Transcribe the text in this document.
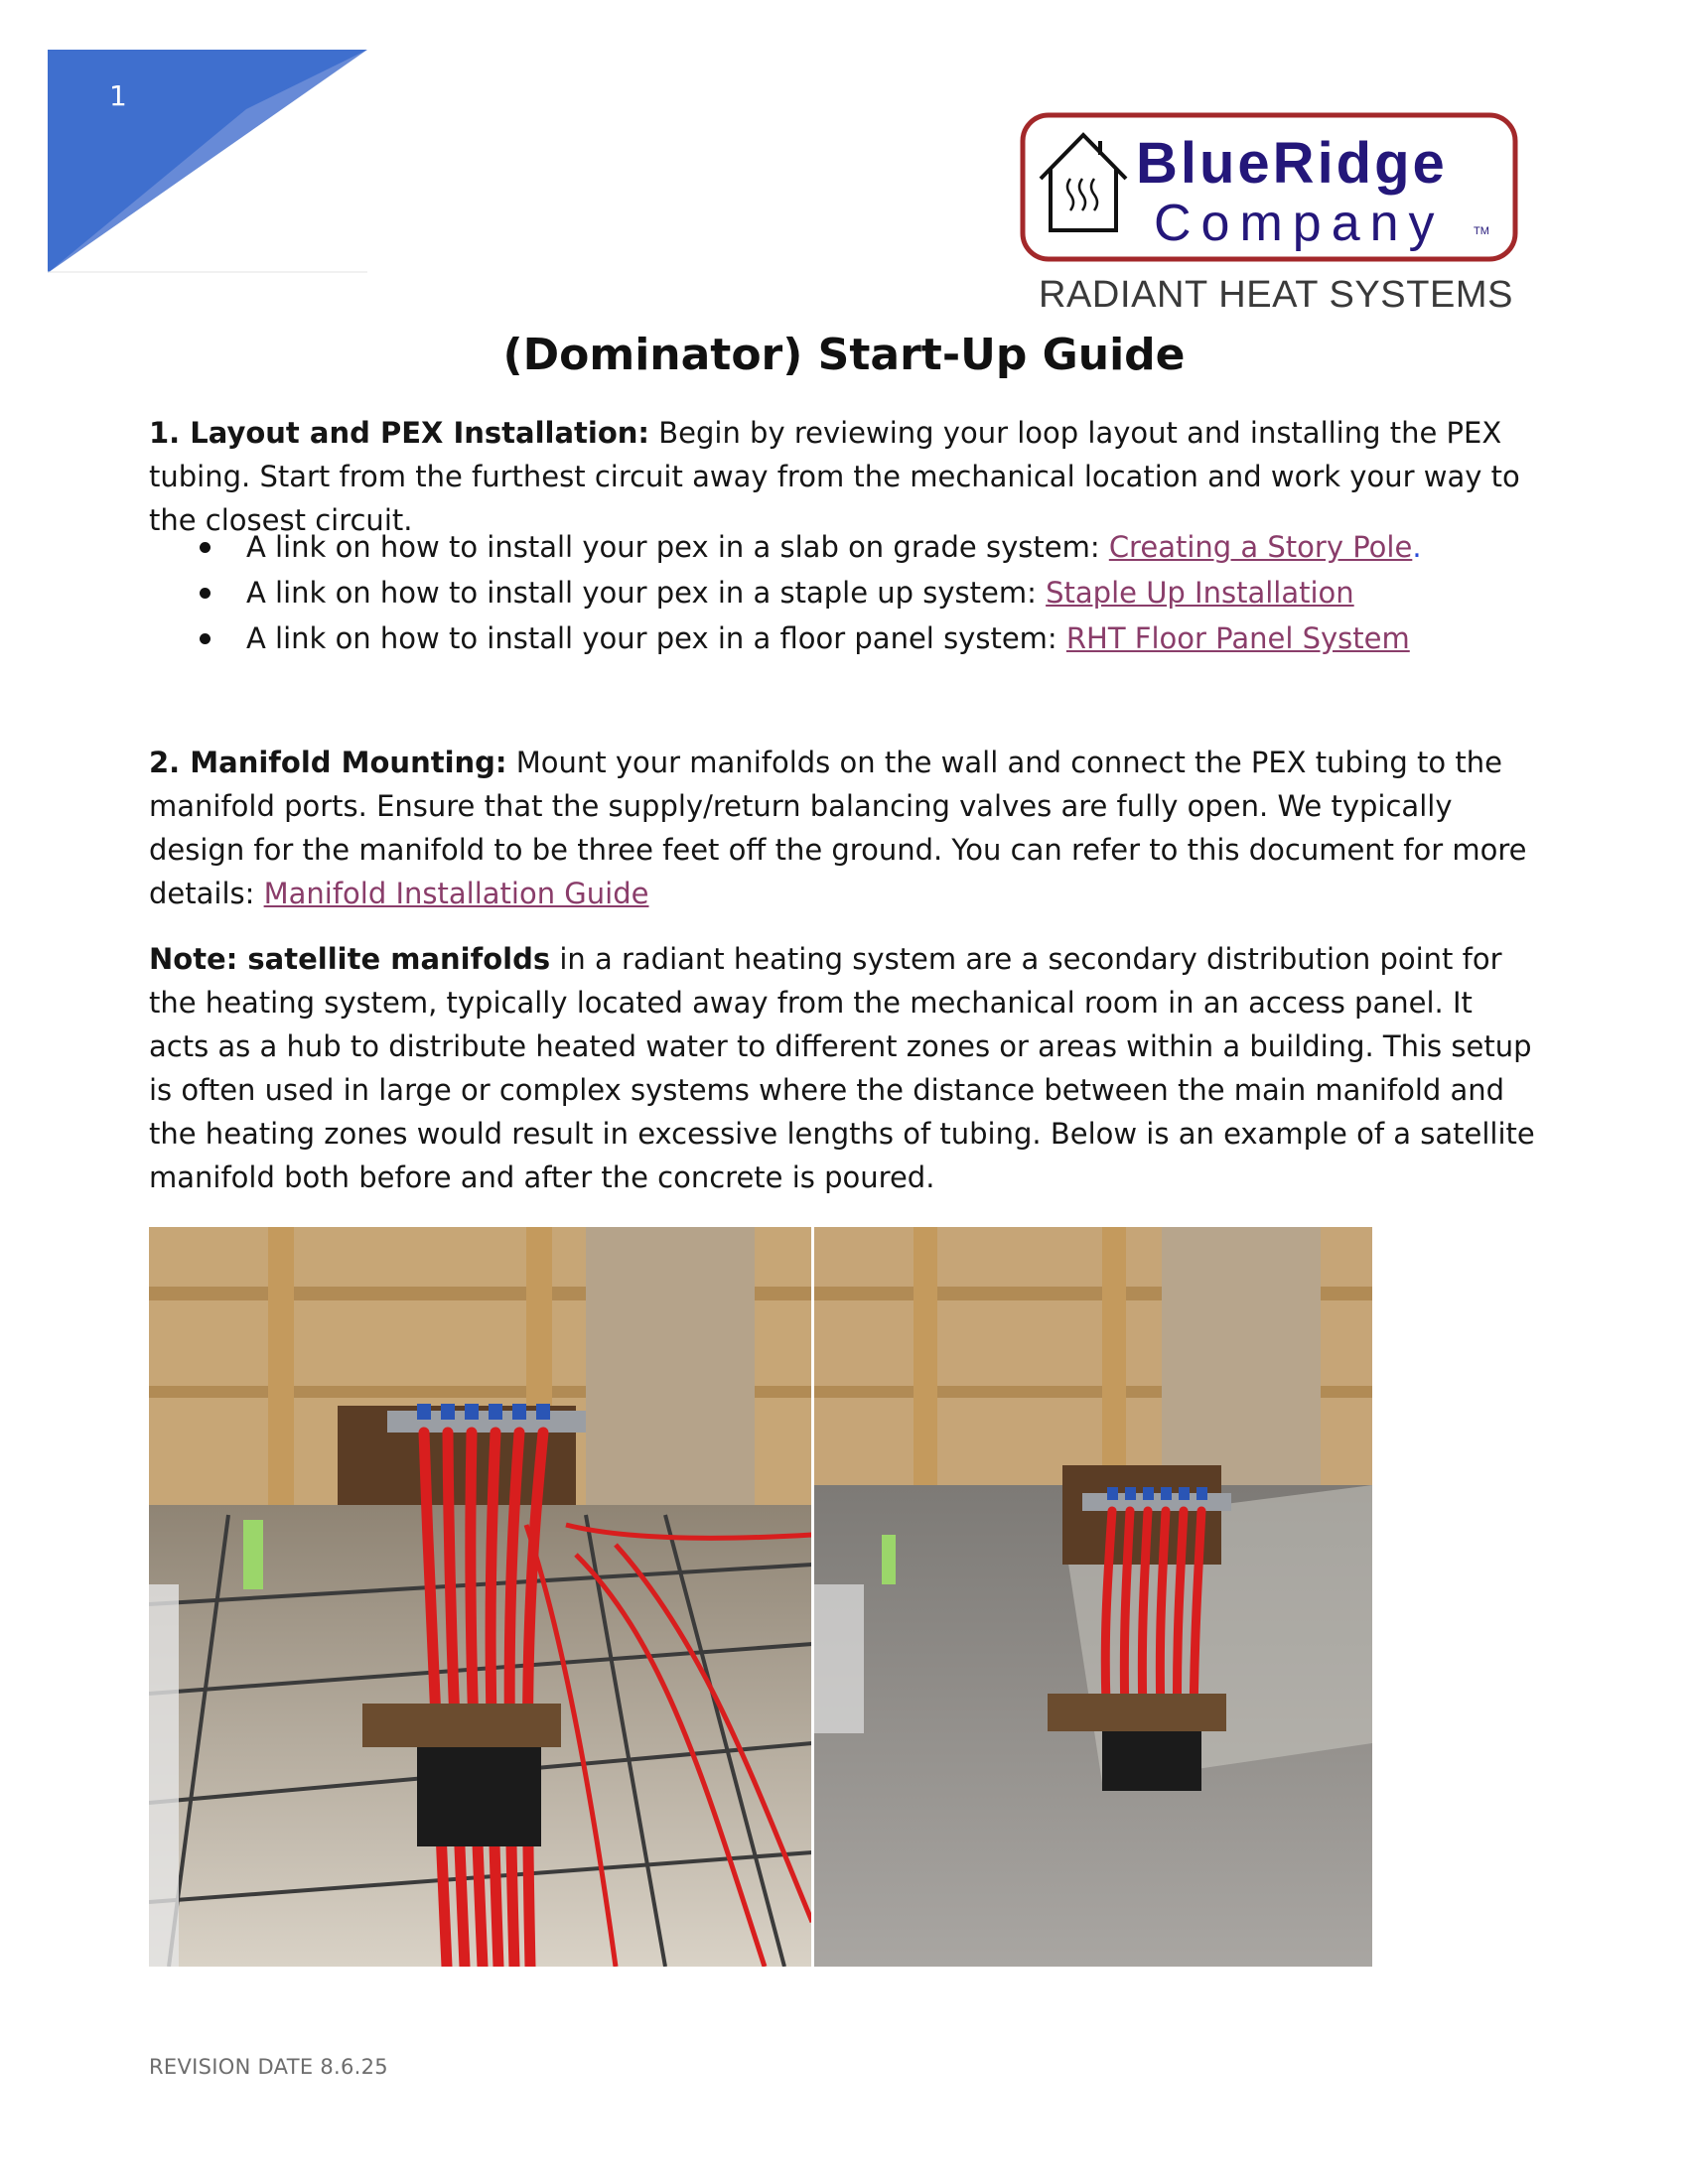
1
BlueRidge
Company	TM
RADIANT HEAT SYSTEMS
(Dominator) Start-Up Guide
1. Layout and PEX Installation: Begin by reviewing your loop layout and installing the PEX tubing. Start from the furthest circuit away from the mechanical location and work your way to the closest circuit.
A link on how to install your pex in a slab on grade system: Creating a Story Pole.
A link on how to install your pex in a staple up system: Staple Up Installation
A link on how to install your pex in a floor panel system: RHT Floor Panel System
2. Manifold Mounting: Mount your manifolds on the wall and connect the PEX tubing to the manifold ports. Ensure that the supply/return balancing valves are fully open. We typically design for the manifold to be three feet off the ground. You can refer to this document for more details: Manifold Installation Guide
Note: satellite manifolds in a radiant heating system are a secondary distribution point for the heating system, typically located away from the mechanical room in an access panel. It acts as a hub to distribute heated water to different zones or areas within a building. This setup is often used in large or complex systems where the distance between the main manifold and the heating zones would result in excessive lengths of tubing. Below is an example of a satellite manifold both before and after the concrete is poured.
REVISION DATE 8.6.25
